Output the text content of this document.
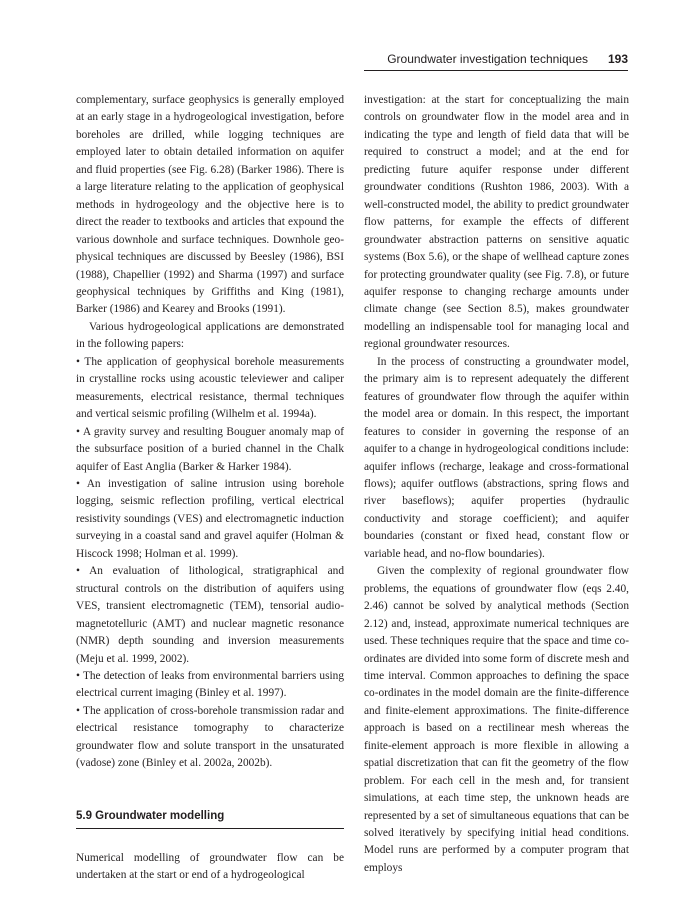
Groundwater investigation techniques 193

complementary, surface geophysics is generally employed at an early stage in a hydrogeological investigation, before boreholes are drilled, while logging techniques are employed later to obtain detailed information on aquifer and fluid properties (see Fig. 6.28) (Barker 1986). There is a large literature relating to the application of geophysical methods in hydrogeology and the objective here is to direct the reader to textbooks and articles that expound the various downhole and surface techniques. Downhole geophysical techniques are discussed by Beesley (1986), BSI (1988), Chapellier (1992) and Sharma (1997) and surface geophysical techniques by Griffiths and King (1981), Barker (1986) and Kearey and Brooks (1991).

Various hydrogeological applications are demonstrated in the following papers:

• The application of geophysical borehole measurements in crystalline rocks using acoustic televiewer and caliper measurements, electrical resistance, thermal techniques and vertical seismic profiling (Wilhelm et al. 1994a).

• A gravity survey and resulting Bouguer anomaly map of the subsurface position of a buried channel in the Chalk aquifer of East Anglia (Barker & Harker 1984).

• An investigation of saline intrusion using borehole logging, seismic reflection profiling, vertical electrical resistivity soundings (VES) and electromagnetic induction surveying in a coastal sand and gravel aquifer (Holman & Hiscock 1998; Holman et al. 1999).

• An evaluation of lithological, stratigraphical and structural controls on the distribution of aquifers using VES, transient electromagnetic (TEM), tensorial audio-magnetotelluric (AMT) and nuclear magnetic resonance (NMR) depth sounding and inversion measurements (Meju et al. 1999, 2002).

• The detection of leaks from environmental barriers using electrical current imaging (Binley et al. 1997).

• The application of cross-borehole transmission radar and electrical resistance tomography to characterize groundwater flow and solute transport in the unsaturated (vadose) zone (Binley et al. 2002a, 2002b).

5.9 Groundwater modelling

Numerical modelling of groundwater flow can be undertaken at the start or end of a hydrogeological

investigation: at the start for conceptualizing the main controls on groundwater flow in the model area and in indicating the type and length of field data that will be required to construct a model; and at the end for predicting future aquifer response under different groundwater conditions (Rushton 1986, 2003). With a well-constructed model, the ability to predict groundwater flow patterns, for example the effects of different groundwater abstraction patterns on sensitive aquatic systems (Box 5.6), or the shape of wellhead capture zones for protecting groundwater quality (see Fig. 7.8), or future aquifer response to changing recharge amounts under climate change (see Section 8.5), makes groundwater modelling an indispensable tool for managing local and regional groundwater resources.

In the process of constructing a groundwater model, the primary aim is to represent adequately the different features of groundwater flow through the aquifer within the model area or domain. In this respect, the important features to consider in governing the response of an aquifer to a change in hydrogeological conditions include: aquifer inflows (recharge, leakage and cross-formational flows); aquifer outflows (abstractions, spring flows and river baseflows); aquifer properties (hydraulic conductivity and storage coefficient); and aquifer boundaries (constant or fixed head, constant flow or variable head, and no-flow boundaries).

Given the complexity of regional groundwater flow problems, the equations of groundwater flow (eqs 2.40, 2.46) cannot be solved by analytical methods (Section 2.12) and, instead, approximate numerical techniques are used. These techniques require that the space and time co-ordinates are divided into some form of discrete mesh and time interval. Common approaches to defining the space co-ordinates in the model domain are the finite-difference and finite-element approximations. The finite-difference approach is based on a rectilinear mesh whereas the finite-element approach is more flexible in allowing a spatial discretization that can fit the geometry of the flow problem. For each cell in the mesh and, for transient simulations, at each time step, the unknown heads are represented by a set of simultaneous equations that can be solved iteratively by specifying initial head conditions. Model runs are performed by a computer program that employs
